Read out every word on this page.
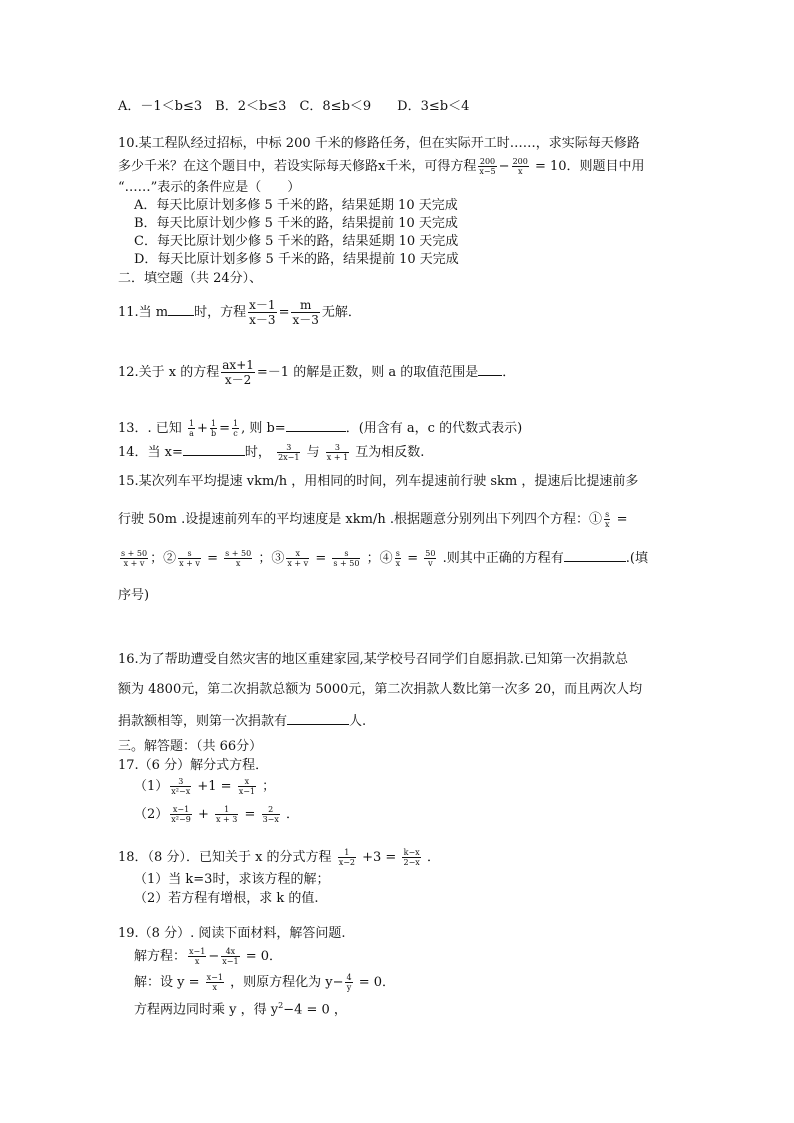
A．－1＜b≤3　B．2＜b≤3　C．8≤b＜9　　D．3≤b＜4
10.某工程队经过招标，中标 200 千米的修路任务，但在实际开工时……，求实际每天修路
多少千米？在这个题目中，若设实际每天修路x千米，可得方程 $\frac{200}{x-5} - \frac{200}{x} = 10$．则题目中用
“……”表示的条件应是（　　）
A．每天比原计划多修 5 千米的路，结果延期 10 天完成
B．每天比原计划少修 5 千米的路，结果提前 10 天完成
C．每天比原计划少修 5 千米的路，结果延期 10 天完成
D．每天比原计划多修 5 千米的路，结果提前 10 天完成
二．填空题（共 24分）、
11.当 m 时，方程 $\frac{x-1}{x-3} = \frac{m}{x-3}$ 无解．
12.关于 x 的方程 $\frac{ax+1}{x-2} =-1$ 的解是正数，则 a 的取值范围是 ．
13．. 已知 $\frac{1}{a} + \frac{1}{b} = \frac{1}{c}$ , 则 b=	．(用含有 a，c 的代数式表示)
14．当 x=	时， $\frac{3}{2x-1}$ 与 $\frac{3}{x + 1}$ 互为相反数.
15.某次列车平均提速 vkm/h ，用相同的时间，列车提速前行驶 skm ，提速后比提速前多
行驶 50m .设提速前列车的平均速度是 xkm/h .根据题意分别列出下列四个方程：① $\frac{s}{x}$ =
$\frac{s + 50}{x + v}$ ；② $\frac{s}{x + v} = \frac{s + 50}{x}$ ；③ $\frac{x}{x + v} = \frac{s}{s + 50}$ ；④ $\frac{s}{x} = \frac{50}{v}$ .则其中正确的方程有	.(填
序号)
16.为了帮助遭受自然灾害的地区重建家园,某学校号召同学们自愿捐款.已知第一次捐款总
额为 4800元，第二次捐款总额为 5000元，第二次捐款人数比第一次多 20，而且两次人均
捐款额相等，则第一次捐款有	人.
三。解答题：（共 66分）
17.（6 分）解分式方程．
$(1) \frac{3}{\text{x²−x}} +1 = \frac{x}{x-1}$ ；
$(2) \frac{x-1}{\text{x²−9}} + \frac{1}{x + 3} = \frac{2}{3-x}$ ．
18．（8 分）．已知关于 x 的分式方程 $\frac{1}{x-2} +3 = \frac{k-x}{2-x}$ ．
（1）当 k=3时，求该方程的解；
（2）若方程有增根，求 k 的值.
19.（8 分）. 阅读下面材料，解答问题.
解方程： $\frac{x-1}{x} - \frac{4x}{x-1} = 0$．
解：设 $y = \frac{x-1}{x}$ ，则原方程化为 $y- \frac{4}{y} = 0$．
方程两边同时乘 y ，得 $y^2-4 = 0$ ，
